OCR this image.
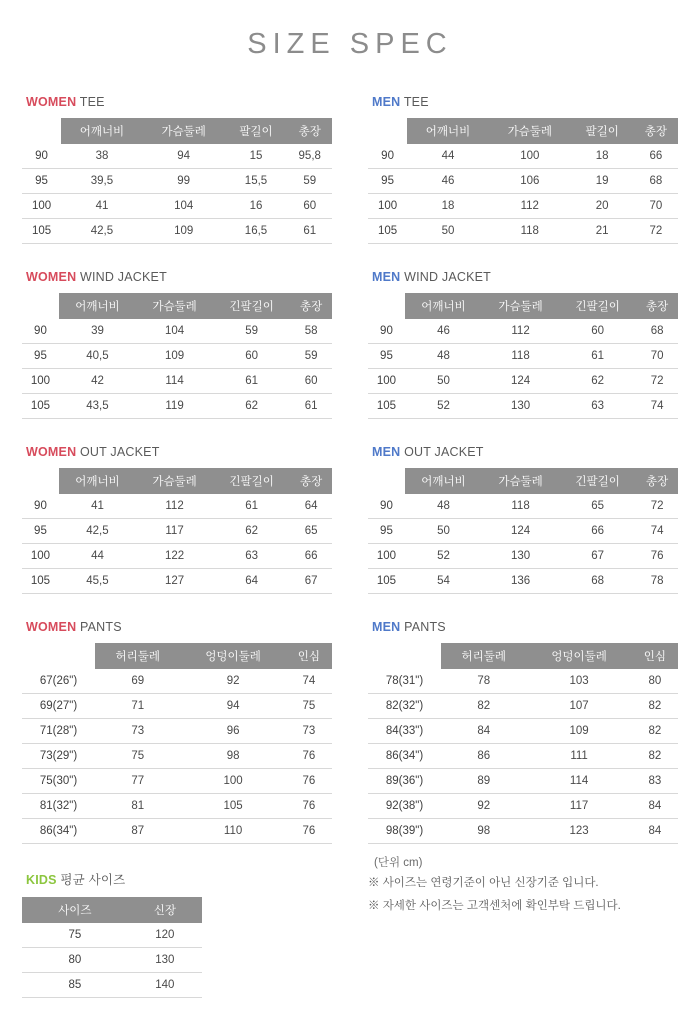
SIZE SPEC
WOMEN TEE
	어깨너비	가슴둘레	팔길이	총장
90	38	94	15	95,8
95	39,5	99	15,5	59
100	41	104	16	60
105	42,5	109	16,5	61
WOMEN WIND JACKET
	어깨너비	가슴둘레	긴팔길이	총장
90	39	104	59	58
95	40,5	109	60	59
100	42	114	61	60
105	43,5	119	62	61
WOMEN OUT JACKET
	어깨너비	가슴둘레	긴팔길이	총장
90	41	112	61	64
95	42,5	117	62	65
100	44	122	63	66
105	45,5	127	64	67
WOMEN PANTS
	허리둘레	엉덩이둘레	인심
67(26")	69	92	74
69(27")	71	94	75
71(28")	73	96	73
73(29")	75	98	76
75(30")	77	100	76
81(32")	81	105	76
86(34")	87	110	76
KIDS 평균 사이즈
사이즈	신장
75	120
80	130
85	140
MEN TEE
	어깨너비	가슴둘레	팔길이	총장
90	44	100	18	66
95	46	106	19	68
100	18	112	20	70
105	50	118	21	72
MEN WIND JACKET
	어깨너비	가슴둘레	긴팔길이	총장
90	46	112	60	68
95	48	118	61	70
100	50	124	62	72
105	52	130	63	74
MEN OUT JACKET
	어깨너비	가슴둘레	긴팔길이	총장
90	48	118	65	72
95	50	124	66	74
100	52	130	67	76
105	54	136	68	78
MEN PANTS
	허리둘레	엉덩이둘레	인심
78(31")	78	103	80
82(32")	82	107	82
84(33")	84	109	82
86(34")	86	111	82
89(36")	89	114	83
92(38")	92	117	84
98(39")	98	123	84
(단위 cm)
※ 사이즈는 연령기준이 아닌 신장기준 입니다.
※ 자세한 사이즈는 고객센처에 확인부탁 드립니다.
